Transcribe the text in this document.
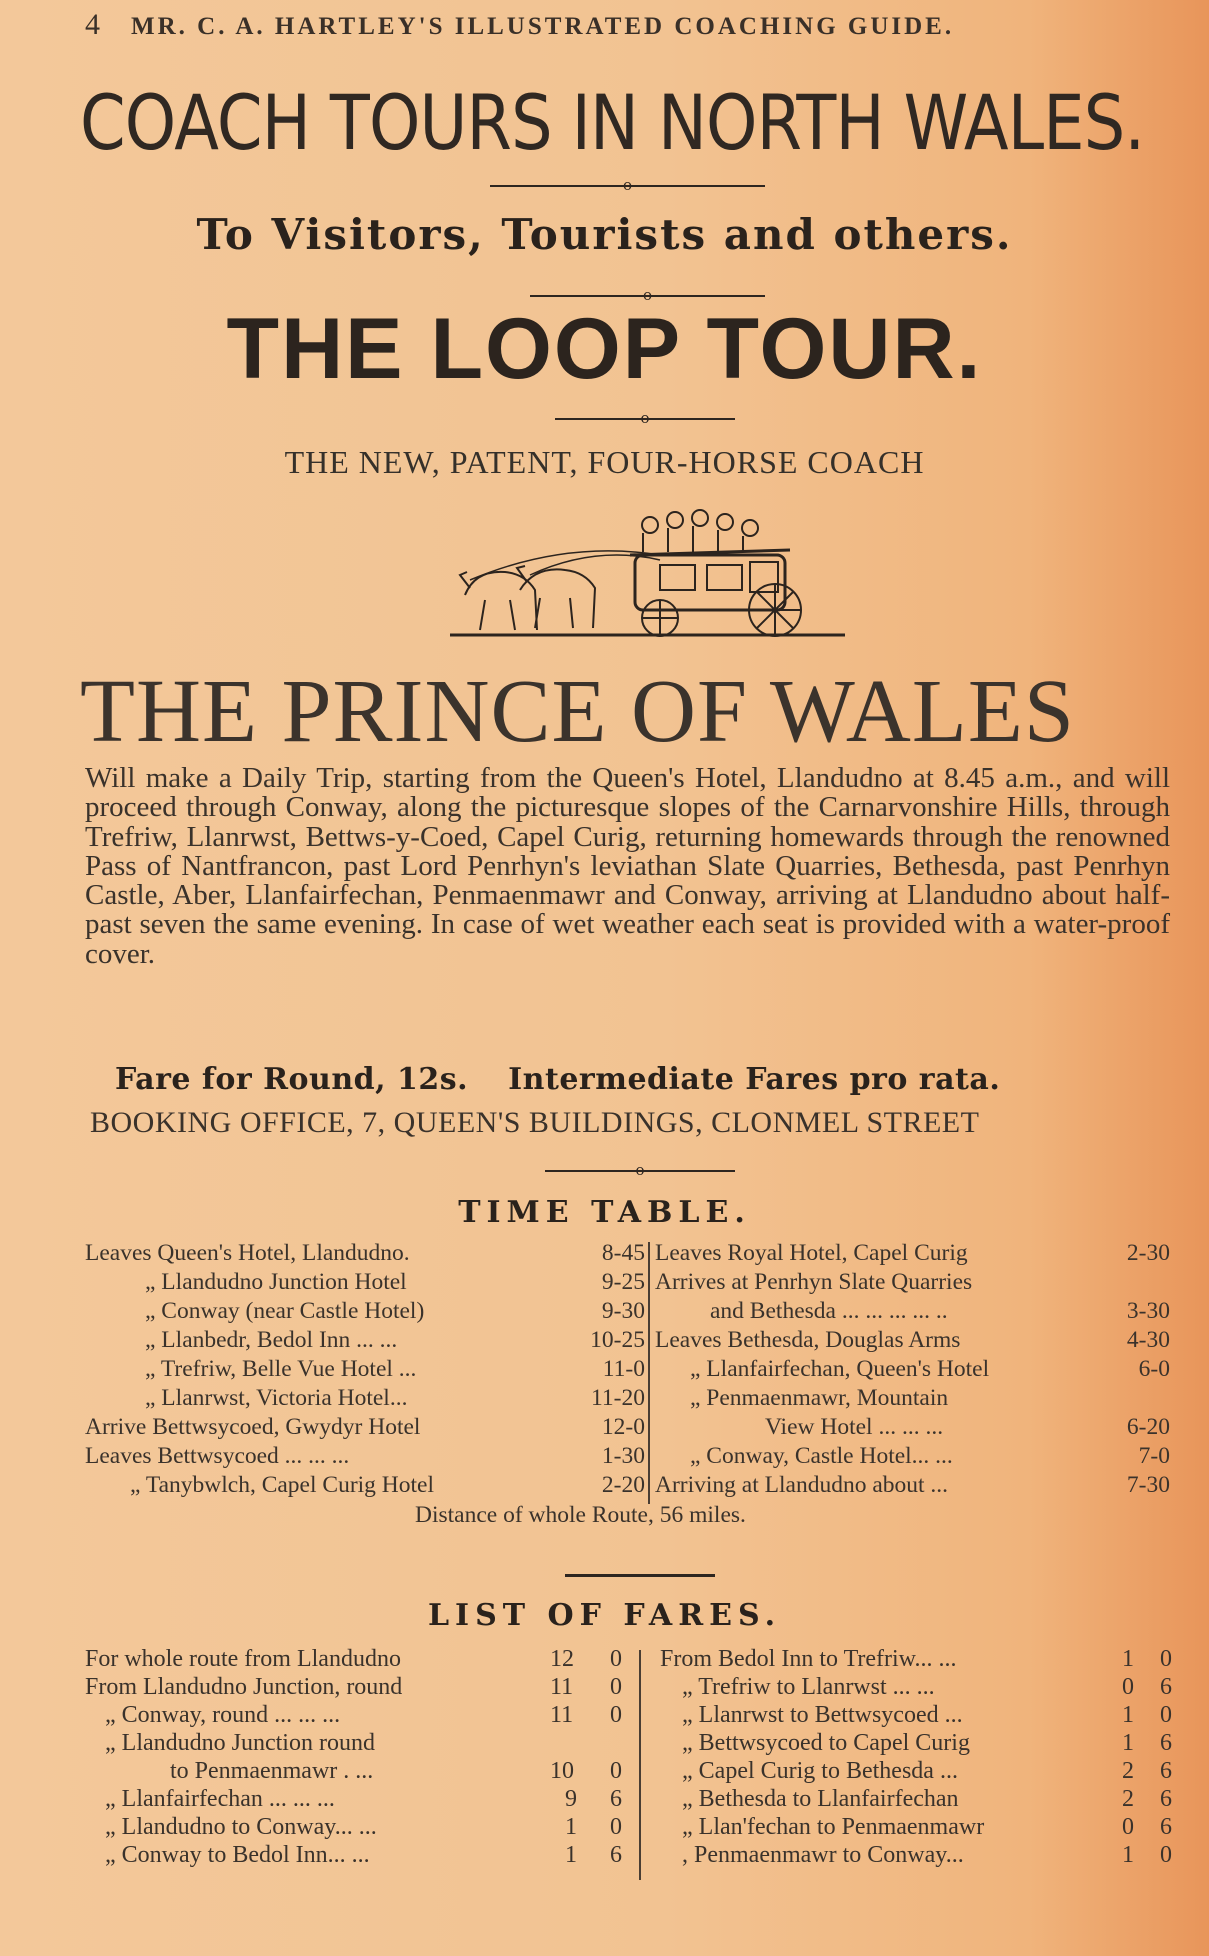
4 MR. C. A. HARTLEY'S ILLUSTRATED COACHING GUIDE.
COACH TOURS IN NORTH WALES.
o
To Visitors, Tourists and others.
o
THE LOOP TOUR.
o
THE NEW, PATENT, FOUR-HORSE COACH
THE PRINCE OF WALES
Will make a Daily Trip, starting from the Queen's Hotel, Llandudno at 8.45 a.m., and will proceed through Conway, along the picturesque slopes of the Carnarvonshire Hills, through Trefriw, Llanrwst, Bettws-y-Coed, Capel Curig, returning homewards through the renowned Pass of Nantfrancon, past Lord Penrhyn's leviathan Slate Quarries, Bethesda, past Penrhyn Castle, Aber, Llanfairfechan, Penmaenmawr and Conway, arriving at Llandudno about half-past seven the same evening. In case of wet weather each seat is provided with a water-proof cover.
Fare for Round, 12s. Intermediate Fares pro rata.
BOOKING OFFICE, 7, QUEEN'S BUILDINGS, CLONMEL STREET
o
TIME TABLE.
Leaves Queen's Hotel, Llandudno.	8-45
„ Llandudno Junction Hotel	9-25
„ Conway (near Castle Hotel)	9-30
„ Llanbedr, Bedol Inn ... ...	10-25
„ Trefriw, Belle Vue Hotel ...	11-0
„ Llanrwst, Victoria Hotel...	11-20
Arrive Bettwsycoed, Gwydyr Hotel	12-0
Leaves Bettwsycoed ... ... ...	1-30
„ Tanybwlch, Capel Curig Hotel	2-20
Leaves Royal Hotel, Capel Curig	2-30
Arrives at Penrhyn Slate Quarries
and Bethesda ... ... ... ... ..	3-30
Leaves Bethesda, Douglas Arms	4-30
„ Llanfairfechan, Queen's Hotel	6-0
„ Penmaenmawr, Mountain
View Hotel ... ... ...	6-20
„ Conway, Castle Hotel... ...	7-0
Arriving at Llandudno about ...	7-30
Distance of whole Route, 56 miles.
LIST OF FARES.
For whole route from Llandudno	12 0
From Llandudno Junction, round	11 0
„ Conway, round ... ... ...	11 0
„ Llandudno Junction round
to Penmaenmawr . ...	10 0
„ Llanfairfechan ... ... ...	9 6
„ Llandudno to Conway... ...	1 0
„ Conway to Bedol Inn... ...	1 6
From Bedol Inn to Trefriw... ...	1 0
„ Trefriw to Llanrwst ... ...	0 6
„ Llanrwst to Bettwsycoed ...	1 0
„ Bettwsycoed to Capel Curig	1 6
„ Capel Curig to Bethesda ...	2 6
„ Bethesda to Llanfairfechan	2 6
„ Llan'fechan to Penmaenmawr	0 6
, Penmaenmawr to Conway...	1 0
